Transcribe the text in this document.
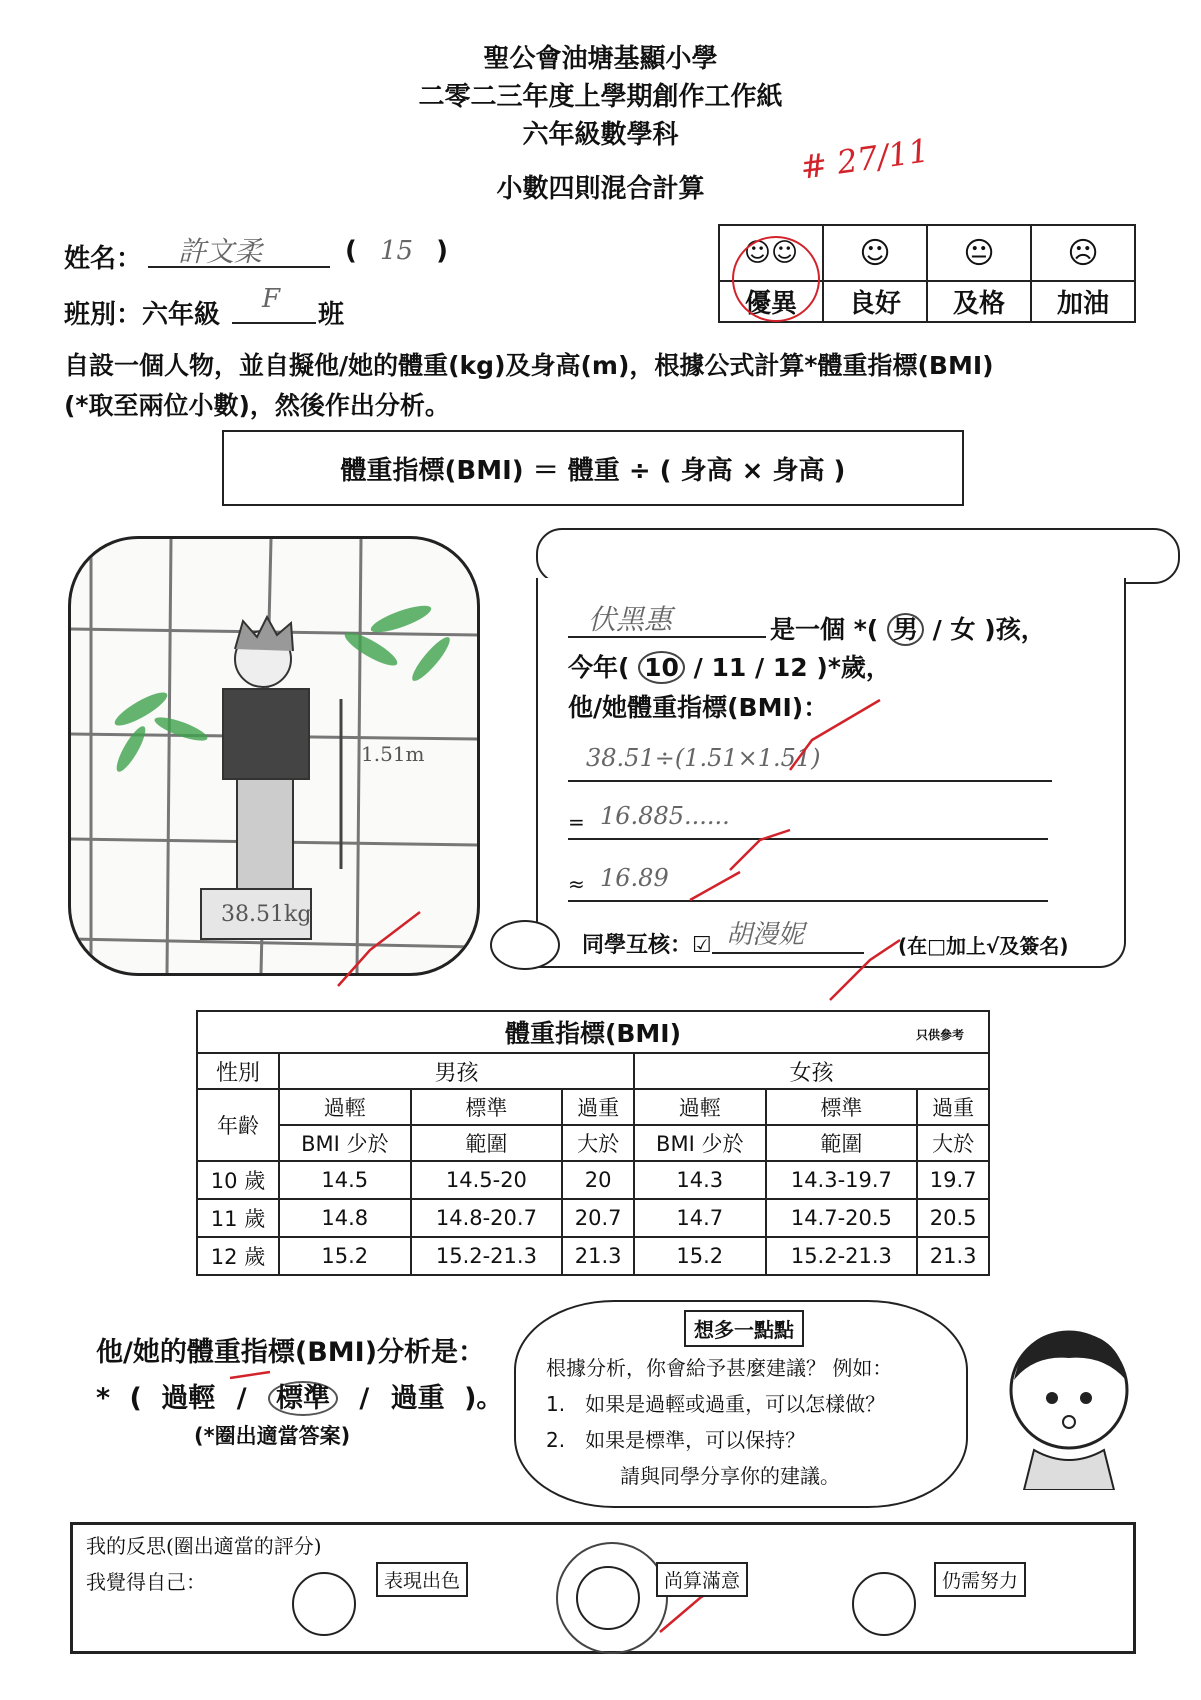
聖公會油塘基顯小學
二零二三年度上學期創作工作紙
六年級數學科
小數四則混合計算
# 27/11
姓名： 許文柔	( 15 )
班別：六年級
F
班
☺☺	☺	😐	☹
優異	良好	及格	加油
自設一個人物，並自擬他/她的體重(kg)及身高(m)，根據公式計算*體重指標(BMI)
(*取至兩位小數)，然後作出分析。
體重指標(BMI) ＝ 體重 ÷ ( 身高 × 身高 )
1.51m
38.51kg
伏黑惠	是一個 *( 男 / 女 )孩，
今年( 10 / 11 / 12 )*歲，
他/她體重指標(BMI)：
38.51÷(1.51×1.51)
= 16.885......
≈ 16.89
同學互核：☑ 胡漫妮	(在□加上√及簽名)
體重指標(BMI) 只供參考						

性別	男孩			女孩		
年齡	過輕	標準	過重	過輕	標準	過重
	BMI 少於	範圍	大於	BMI 少於	範圍	大於
10 歲	14.5	14.5-20	20	14.3	14.3-19.7	19.7
11 歲	14.8	14.8-20.7	20.7	14.7	14.7-20.5	20.5
12 歲	15.2	15.2-21.3	21.3	15.2	15.2-21.3	21.3
他/她的體重指標(BMI)分析是：
* ( 過輕 / 標準 / 過重 )。
(*圈出適當答案)
想多一點點
根據分析，你會給予甚麼建議？ 例如：
1.　如果是過輕或過重，可以怎樣做？
2.　如果是標準，可以保持？
請與同學分享你的建議。
我的反思(圈出適當的評分)
我覺得自己：	表現出色	尚算滿意	仍需努力
